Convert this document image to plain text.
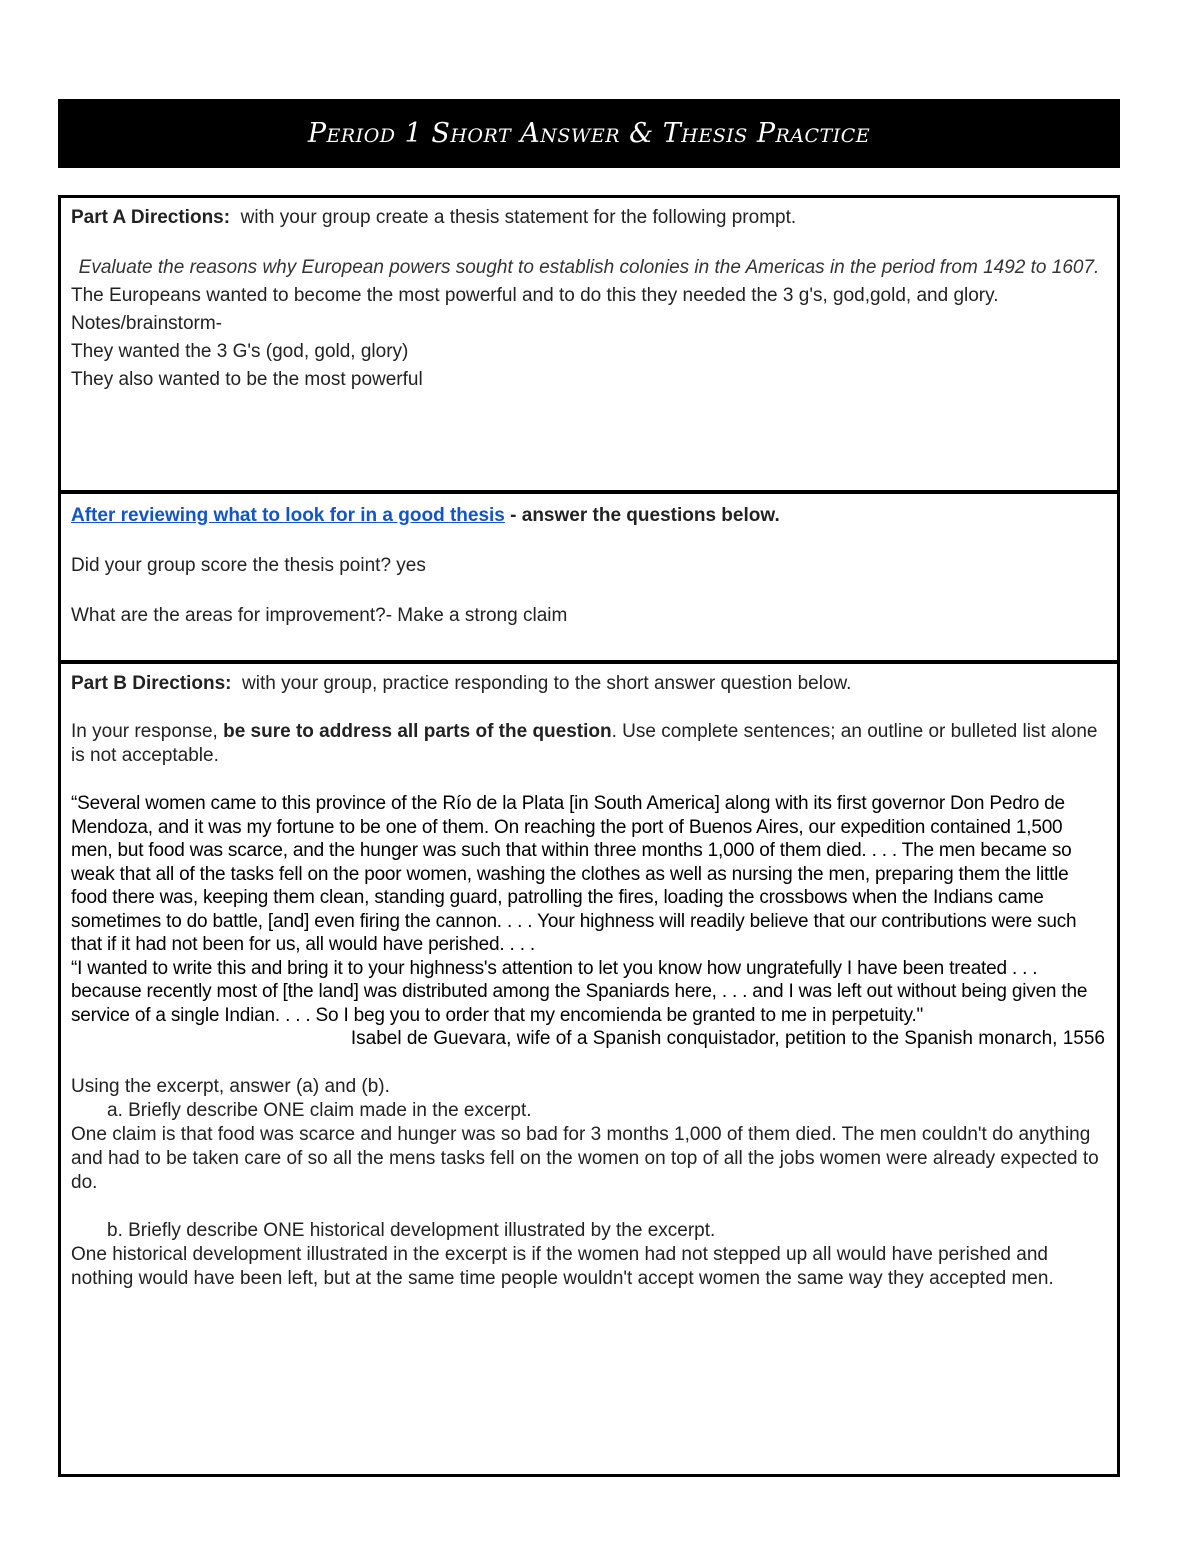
Period 1 Short Answer & Thesis Practice

Part A Directions: with your group create a thesis statement for the following prompt.

Evaluate the reasons why European powers sought to establish colonies in the Americas in the period from 1492 to 1607.

The Europeans wanted to become the most powerful and to do this they needed the 3 g's, god,gold, and glory.

Notes/brainstorm-

They wanted the 3 G's (god, gold, glory)

They also wanted to be the most powerful

After reviewing what to look for in a good thesis - answer the questions below.

Did your group score the thesis point? yes

What are the areas for improvement?- Make a strong claim

Part B Directions: with your group, practice responding to the short answer question below.

In your response, be sure to address all parts of the question. Use complete sentences; an outline or bulleted list alone is not acceptable.

“Several women came to this province of the Río de la Plata [in South America] along with its first governor Don Pedro de Mendoza, and it was my fortune to be one of them. On reaching the port of Buenos Aires, our expedition contained 1,500 men, but food was scarce, and the hunger was such that within three months 1,000 of them died. . . . The men became so weak that all of the tasks fell on the poor women, washing the clothes as well as nursing the men, preparing them the little food there was, keeping them clean, standing guard, patrolling the fires, loading the crossbows when the Indians came sometimes to do battle, [and] even firing the cannon. . . . Your highness will readily believe that our contributions were such that if it had not been for us, all would have perished. . . .

“I wanted to write this and bring it to your highness's attention to let you know how ungratefully I have been treated . . . because recently most of [the land] was distributed among the Spaniards here, . . . and I was left out without being given the service of a single Indian. . . . So I beg you to order that my encomienda be granted to me in perpetuity."

Isabel de Guevara, wife of a Spanish conquistador, petition to the Spanish monarch, 1556

Using the excerpt, answer (a) and (b).

a. Briefly describe ONE claim made in the excerpt.

One claim is that food was scarce and hunger was so bad for 3 months 1,000 of them died. The men couldn't do anything and had to be taken care of so all the mens tasks fell on the women on top of all the jobs women were already expected to do.

b. Briefly describe ONE historical development illustrated by the excerpt.

One historical development illustrated in the excerpt is if the women had not stepped up all would have perished and nothing would have been left, but at the same time people wouldn't accept women the same way they accepted men.
